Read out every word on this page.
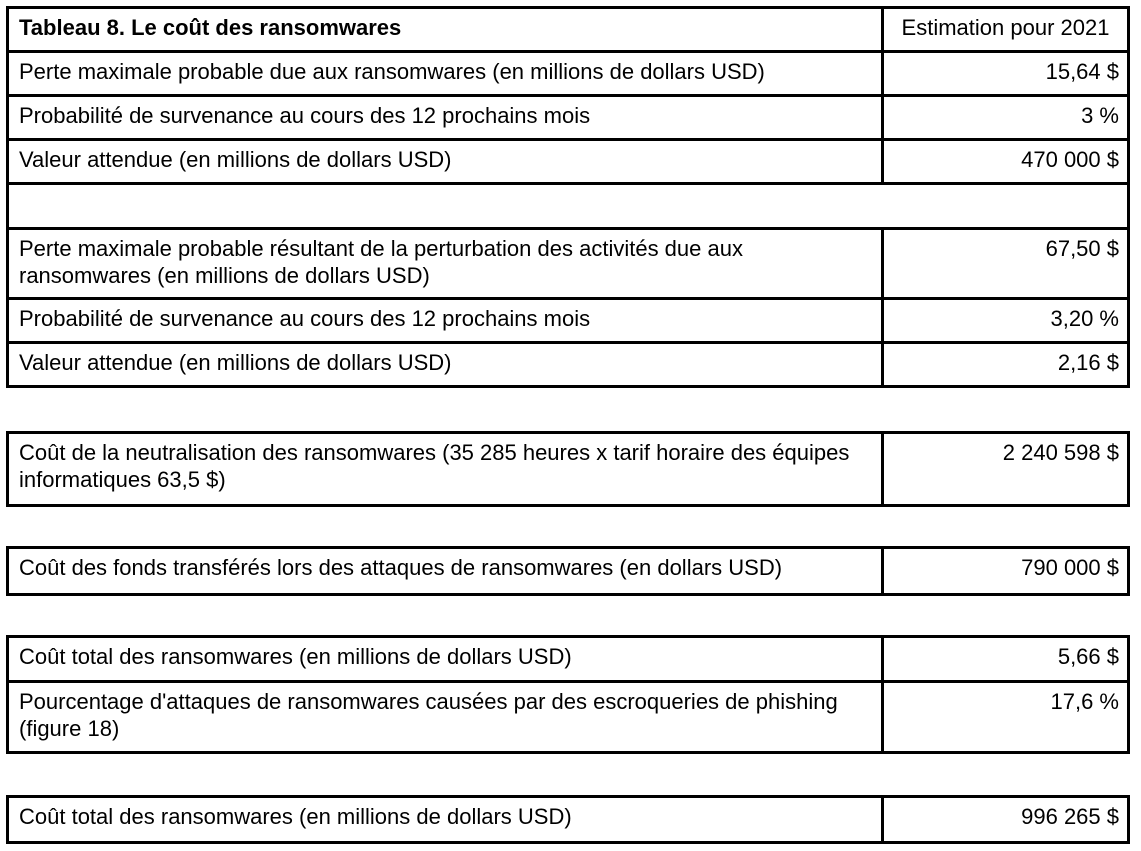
Tableau 8. Le coût des ransomwares	Estimation pour 2021
Perte maximale probable due aux ransomwares (en millions de dollars USD)	15,64 $
Probabilité de survenance au cours des 12 prochains mois	3 %
Valeur attendue (en millions de dollars USD)	470 000 $

Perte maximale probable résultant de la perturbation des activités due aux ransomwares (en millions de dollars USD)	67,50 $
Probabilité de survenance au cours des 12 prochains mois	3,20 %
Valeur attendue (en millions de dollars USD)	2,16 $
Coût de la neutralisation des ransomwares (35 285 heures x tarif horaire des équipes informatiques 63,5 $)	2 240 598 $
Coût des fonds transférés lors des attaques de ransomwares (en dollars USD)	790 000 $
Coût total des ransomwares (en millions de dollars USD)	5,66 $
Pourcentage d'attaques de ransomwares causées par des escroqueries de phishing (figure 18)	17,6 %
Coût total des ransomwares (en millions de dollars USD)	996 265 $
